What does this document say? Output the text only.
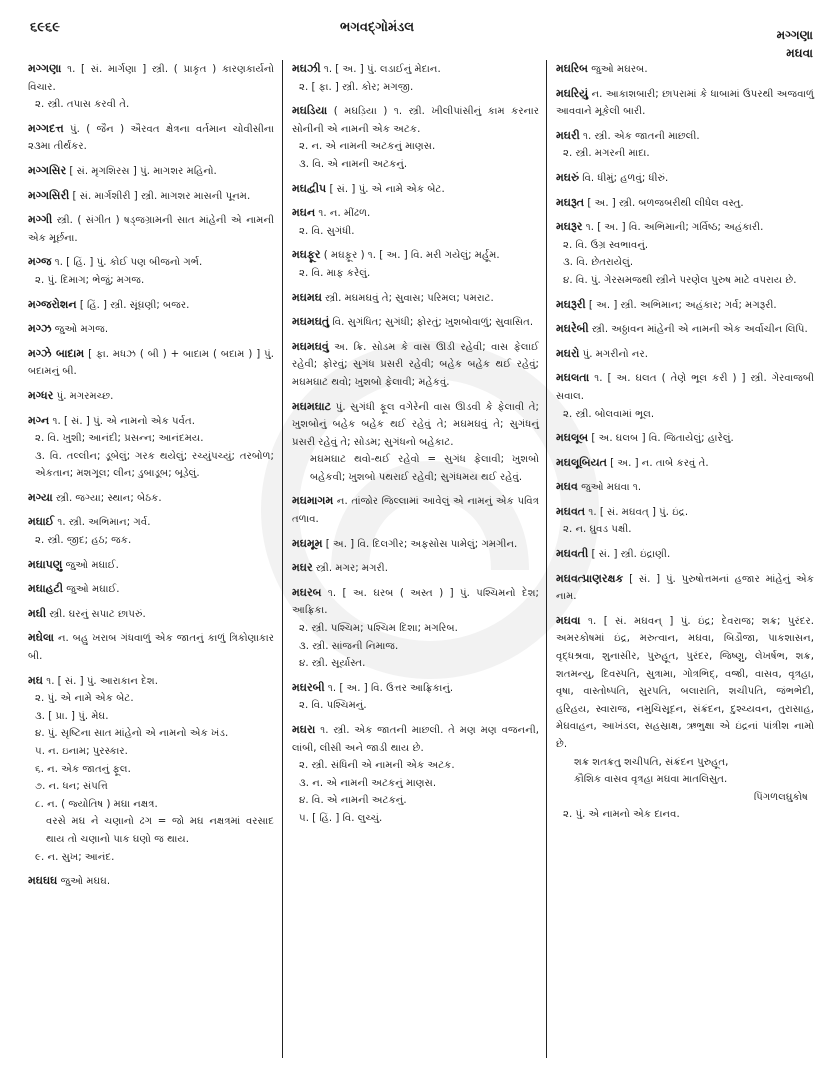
૬૯૬૯	ભગવદ્ગોમંડલ	મગ્ગણા
મઘવા

મગ્ગણા ૧. [ સં. માર્ગણા ] સ્ત્રી. ( પ્રાકૃત ) કારણકાર્યનો વિચાર.

૨. સ્ત્રી. તપાસ કરવી તે.

મગ્ગદત્ત પું. ( જૈન ) ઐરવત ક્ષેત્રના વર્તમાન ચોવીસીના ૨૩મા તીર્થંકર.

મગ્ગસિર [ સં. મૃગશિરસ ] પું. માગશર મહિનો.

મગ્ગસિરી [ સં. માર્ગશીરી ] સ્ત્રી. માગશર માસની પૂનમ.

મગ્ગી સ્ત્રી. ( સંગીત ) ષડ્જગ્રામની સાત માંહેની એ નામની એક મૂર્છના.

મગ્જ ૧. [ હિં. ] પું. કોઈ પણ બીજનો ગર્ભ.

૨. પું. દિમાગ; ભેજું; મગજ.

મગ્જરોશન [ હિં. ] સ્ત્રી. સૂંઘણી; બજર.

મગ્ઝ જુઓ મગજ.

મગ્ઝે બાદામ [ ફા. મધઝ ( બી ) + બાદામ ( બદામ ) ] પું. બદામનું બી.

મગ્ધર પું. મગરમચ્છ.

મગ્ન ૧. [ સં. ] પું. એ નામનો એક પર્વત.

૨. વિ. ખુશી; આનંદી; પ્રસન્ન; આનંદમય.

૩. વિ. તલ્લીન; ડૂબેલું; ગરક થયેલું; રચ્યુંપચ્યું; તરબોળ; એકતાન; મશગૂલ; લીન; ડુબાડૂબ; બૂડેલું.

મગ્યા સ્ત્રી. જગ્યા; સ્થાન; બેઠક.

મઘાઈ ૧. સ્ત્રી. અભિમાન; ગર્વ.

૨. સ્ત્રી. જીદ; હઠ; જક.

મઘાપણુ જુઓ મઘાઈ.

મઘાહટી જુઓ મઘાઈ.

મઘી સ્ત્રી. ઘરનું સપાટ છાપરું.

મઘેલા ન. બહુ ખરાબ ગંધવાળું એક જાતનું કાળું ત્રિકોણાકાર બી.

મઘ ૧. [ સં. ] પું. આરાકાન દેશ.

૨. પું. એ નામે એક બેટ.

૩. [ પ્રા. ] પું. મેઘ.

૪. પું. સૃષ્ટિના સાત માંહેનો એ નામનો એક ખંડ.

૫. ન. ઇનામ; પુરસ્કાર.

૬. ન. એક જાતનું ફૂલ.

૭. ન. ધન; સંપત્તિ

૮. ન. ( જ્યોતિષ ) મઘા નક્ષત્ર.

વરસે મઘ ને ચણાનો ઢગ = જો મઘ નક્ષત્રમાં વરસાદ થાય તો ચણાનો પાક ઘણો જ થાય.

૯. ન. સુખ; આનંદ.

મઘઘઘ જુઓ મઘઘ.

મઘઝી ૧. [ અ. ] પું. લડાઈનું મેદાન.

૨. [ ફા. ] સ્ત્રી. કોર; મગજી.

મઘડિયા ( મઘડ઼િયા ) ૧. સ્ત્રી. ખીલીપાંસીનું કામ કરનાર સોનીની એ નામની એક અટક.

૨. ન. એ નામની અટકનું માણસ.

૩. વિ. એ નામની અટકનું.

મઘદ્વીપ [ સં. ] પું. એ નામે એક બેટ.

મઘન ૧. ન. મીંઢળ.

૨. વિ. સુગંધી.

મઘફૂર ( મઘફ઼ૂર ) ૧. [ અ. ] વિ. મરી ગયેલું; મર્હૂમ.

૨. વિ. માફ કરેલું.

મઘમઘ સ્ત્રી. મઘમઘવું તે; સુવાસ; પરિમલ; પમરાટ.

મઘમઘતું વિ. સુગંધિત; સુગંધી; ફોરતું; ખુશબોવાળું; સુવાસિત.

મઘમઘવું અ. ક્રિ. સોડમ કે વાસ ઊડી રહેવી; વાસ ફેલાઈ રહેવી; ફોરવું; સુગંધ પ્રસરી રહેવી; બહેક બહેક થઈ રહેવું; મઘમઘાટ થવો; ખુશબો ફેલાવી; મહેકવું.

મઘમઘાટ પું. સુગંધી ફૂલ વગેરેની વાસ ઊડવી કે ફેલાવી તે; ખુશબોનું બહેક બહેક થઈ રહેવું તે; મઘમઘવું તે; સુગંધનું પ્રસરી રહેવું તે; સોડમ; સુગંધનો બહેકાટ.

મઘમઘાટ થવો-થઈ રહેવો = સુગંધ ફેલાવી; ખુશબો બહેકવી; ખુશબો પથરાઈ રહેવી; સુગંધમય થઈ રહેવું.

મઘમાગમ ન. તાંજોર જિલ્લામાં આવેલું એ નામનું એક પવિત્ર તળાવ.

મઘમૂમ [ અ. ] વિ. દિલગીર; અફસોસ પામેલું; ગમગીન.

મઘર સ્ત્રી. મગર; મગરી.

મઘરબ ૧. [ અ. ઘરબ ( અસ્ત ) ] પું. પશ્ચિમનો દેશ; આફ્રિકા.

૨. સ્ત્રી. પશ્ચિમ; પશ્ચિમ દિશા; મગરિબ.

૩. સ્ત્રી. સાંજની નિમાજ.

૪. સ્ત્રી. સૂર્યાસ્ત.

મઘરબી ૧. [ અ. ] વિ. ઉત્તર આફ્રિકાનું.

૨. વિ. પશ્ચિમનું.

મઘરા ૧. સ્ત્રી. એક જાતની માછલી. તે મણ મણ વજનની, લાંબી, લીસી અને જાડી થાય છે.

૨. સ્ત્રી. સંધિની એ નામની એક અટક.

૩. ન. એ નામની અટકનું માણસ.

૪. વિ. એ નામની અટકનું.

૫. [ હિં. ] વિ. લુચ્ચું.

મઘરિબ જુઓ મઘરબ.

મઘરિયું ન. આકાશબારી; છાપરામાં કે ધાબામાં ઉપરથી અજવાળું આવવાને મૂકેલી બારી.

મઘરી ૧. સ્ત્રી. એક જાતની માછલી.

૨. સ્ત્રી. મગરની માદા.

મઘરું વિ. ધીમું; હળવું; ધીરું.

મઘરૂત [ અ. ] સ્ત્રી. બળજબરીથી લીધેલ વસ્તુ.

મઘરૂર ૧. [ અ. ] વિ. અભિમાની; ગર્વિષ્ઠ; અહંકારી.

૨. વિ. ઉગ્ર સ્વભાવનું.

૩. વિ. છેતરાયેલું.

૪. વિ. પું. ગેરસમજથી સ્ત્રીને પરણેલ પુરુષ માટે વપરાય છે.

મઘરૂરી [ અ. ] સ્ત્રી. અભિમાન; અહંકાર; ગર્વ; મગરૂરી.

મઘરેબી સ્ત્રી. અઠ્ઠાવન માંહેની એ નામની એક અર્વાચીન લિપિ.

મઘરો પું. મગરીનો નર.

મઘલતા ૧. [ અ. ઘલત ( તેણે ભૂલ કરી ) ] સ્ત્રી. ગેરવાજબી સવાલ.

૨. સ્ત્રી. બોલવામાં ભૂલ.

મઘલૂબ [ અ. ઘલબ ] વિ. જિતાયેલું; હારેલું.

મઘલૂબિયત [ અ. ] ન. તાબે કરવું તે.

મઘવ જુઓ મઘવા ૧.

મઘવત ૧. [ સં. મઘવત્ ] પું. ઇંદ્ર.

૨. ન. ઘુવડ પક્ષી.

મઘવતી [ સં. ] સ્ત્રી. ઇંદ્રાણી.

મઘવત્પ્રાણરક્ષક [ સં. ] પું. પુરુષોત્તમનાં હજાર માંહેનું એક નામ.

મઘવા ૧. [ સં. મઘવન્ ] પું. ઇંદ્ર; દેવરાજ; શક્ર; પુરંદર. અમરકોષમાં ઇંદ્ર, મરુત્વાન, મઘવા, બિડૌજા, પાકશાસન, વૃદ્ધશ્રવા, શુનાસીર, પુરુહૂત, પુરંદર, જિષ્ણુ, લેખર્ષભ, શક્ર, શતમન્યુ, દિવસ્પતિ, સુત્રામા, ગોત્રભિદ્, વજ્રી, વાસવ, વૃત્રહા, વૃષા, વાસ્તોષ્પતિ, સુરપતિ, બલારાતિ, શચીપતિ, જંભભેદી, હરિહય, સ્વારાજ, નમુચિસૂદન, સંક્રંદન, દુશ્ચ્યવન, તુરાસાહ, મેઘવાહન, આખંડલ, સહસ્રાક્ષ, ઋભુક્ષા એ ઇંદ્રનાં પાંત્રીશ નામો છે.

શક્ર શતક્રતુ શચીપતિ, સંક્રંદન પુરુહૂત,

કૌશિક વાસવ વૃત્રહા મઘવા માતલિસુત.

પિંગળલઘુકોષ

૨. પું. એ નામનો એક દાનવ.
